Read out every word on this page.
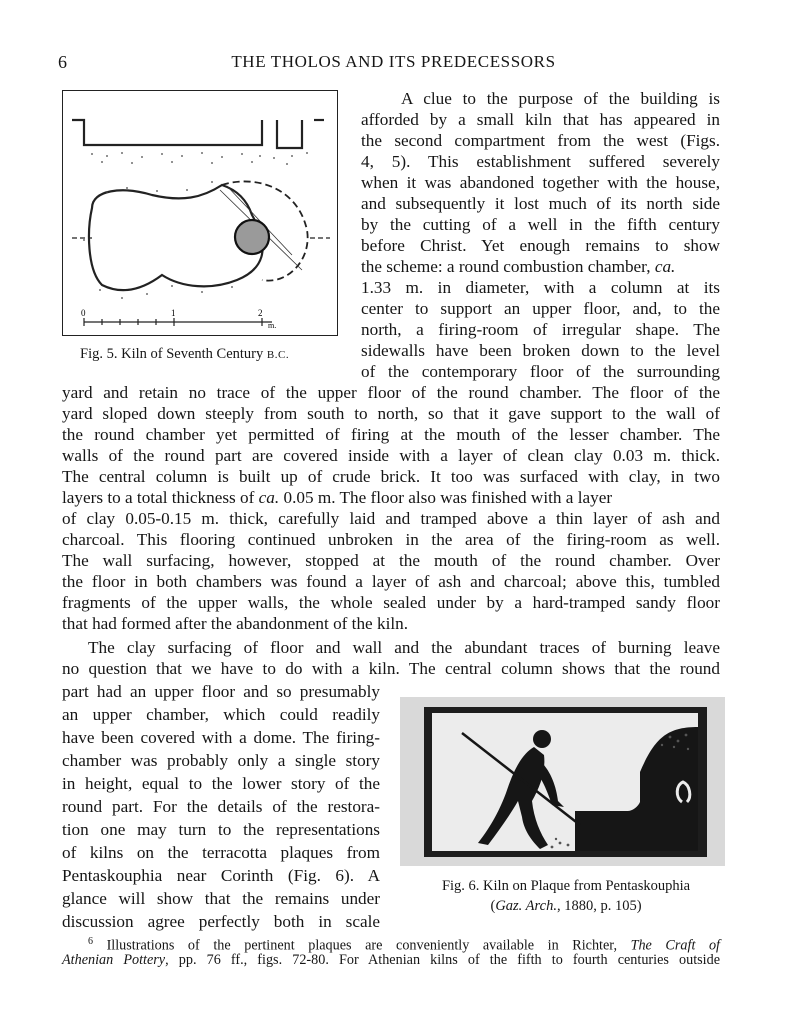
6	THE THOLOS AND ITS PREDECESSORS
0	1	2
m.
Fig. 5. Kiln of Seventh Century B.C.
Fig. 6. Kiln on Plaque from Pentaskouphia
(Gaz. Arch., 1880, p. 105)
A clue to the purpose of the building is
afforded by a small kiln that has appeared in
the second compartment from the west (Figs.
4, 5). This establishment suffered severely
when it was abandoned together with the house,
and subsequently it lost much of its north side
by the cutting of a well in the fifth century
before Christ. Yet enough remains to show
the scheme: a round combustion chamber, ca.
1.33 m. in diameter, with a column at its
center to support an upper floor, and, to the
north, a firing-room of irregular shape. The
sidewalls have been broken down to the level
of the contemporary floor of the surrounding
yard and retain no trace of the upper floor of the round chamber. The floor of the
yard sloped down steeply from south to north, so that it gave support to the wall of
the round chamber yet permitted of firing at the mouth of the lesser chamber. The
walls of the round part are covered inside with a layer of clean clay 0.03 m. thick.
The central column is built up of crude brick. It too was surfaced with clay, in two
layers to a total thickness of ca. 0.05 m. The floor also was finished with a layer
of clay 0.05-0.15 m. thick, carefully laid and tramped above a thin layer of ash and
charcoal. This flooring continued unbroken in the area of the firing-room as well.
The wall surfacing, however, stopped at the mouth of the round chamber. Over
the floor in both chambers was found a layer of ash and charcoal; above this, tumbled
fragments of the upper walls, the whole sealed under by a hard-tramped sandy floor
that had formed after the abandonment of the kiln.
The clay surfacing of floor and wall and the abundant traces of burning leave
no question that we have to do with a kiln. The central column shows that the round
part had an upper floor and so presumably
an upper chamber, which could readily
have been covered with a dome. The firing-
chamber was probably only a single story
in height, equal to the lower story of the
round part. For the details of the restora-
tion one may turn to the representations
of kilns on the terracotta plaques from
Pentaskouphia near Corinth (Fig. 6). A
glance will show that the remains under
discussion agree perfectly both in scale
$^6$ Illustrations of the pertinent plaques are conveniently available in Richter, The Craft of
Athenian Pottery, pp. 76 ff., figs. 72-80. For Athenian kilns of the fifth to fourth centuries outside
